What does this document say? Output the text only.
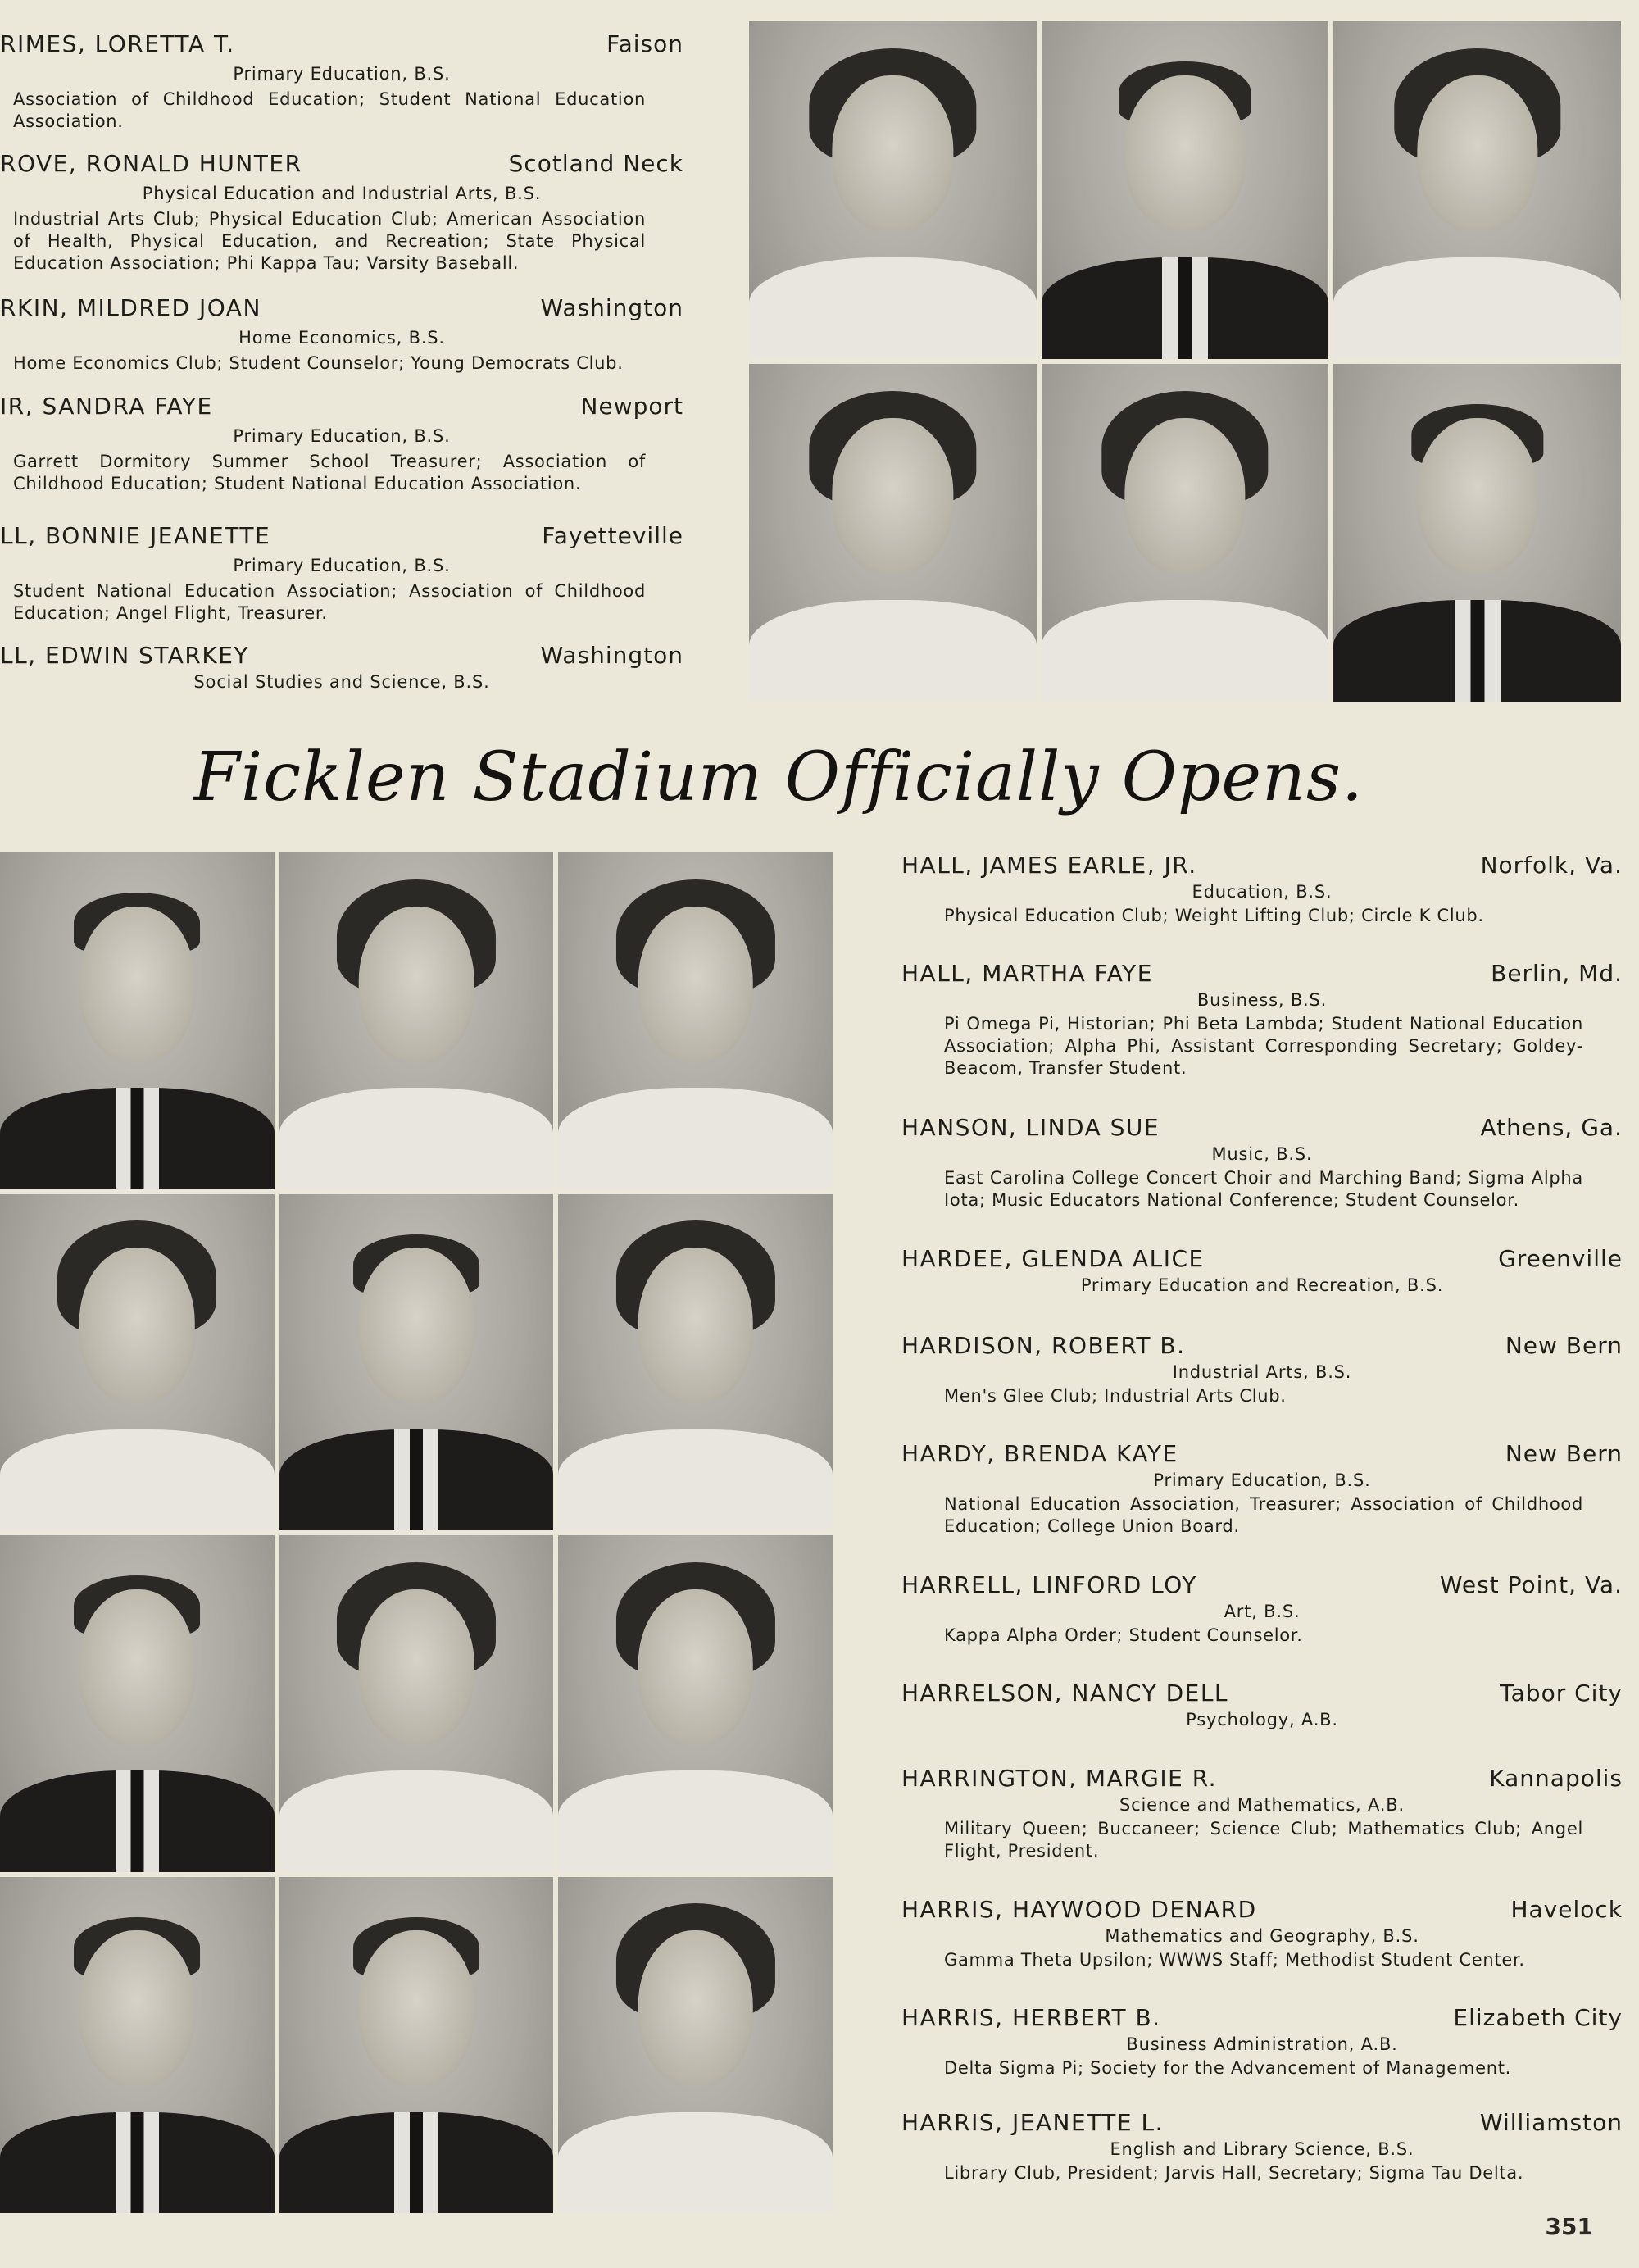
RIMES, LORETTA T.	Faison
Primary Education, B.S.
Association of Childhood Education; Student National Education Association.
ROVE, RONALD HUNTER	Scotland Neck
Physical Education and Industrial Arts, B.S.
Industrial Arts Club; Physical Education Club; American Association of Health, Physical Education, and Recreation; State Physical Education Association; Phi Kappa Tau; Varsity Baseball.
RKIN, MILDRED JOAN	Washington
Home Economics, B.S.
Home Economics Club; Student Counselor; Young Democrats Club.
IR, SANDRA FAYE	Newport
Primary Education, B.S.
Garrett Dormitory Summer School Treasurer; Association of Childhood Education; Student National Education Association.
LL, BONNIE JEANETTE	Fayetteville
Primary Education, B.S.
Student National Education Association; Association of Childhood Education; Angel Flight, Treasurer.
LL, EDWIN STARKEY	Washington
Social Studies and Science, B.S.
Ficklen Stadium Officially Opens.
HALL, JAMES EARLE, JR.	Norfolk, Va.
Education, B.S.
Physical Education Club; Weight Lifting Club; Circle K Club.
HALL, MARTHA FAYE	Berlin, Md.
Business, B.S.
Pi Omega Pi, Historian; Phi Beta Lambda; Student National Education Association; Alpha Phi, Assistant Corresponding Secretary; Goldey-Beacom, Transfer Student.
HANSON, LINDA SUE	Athens, Ga.
Music, B.S.
East Carolina College Concert Choir and Marching Band; Sigma Alpha Iota; Music Educators National Conference; Student Counselor.
HARDEE, GLENDA ALICE	Greenville
Primary Education and Recreation, B.S.
HARDISON, ROBERT B.	New Bern
Industrial Arts, B.S.
Men's Glee Club; Industrial Arts Club.
HARDY, BRENDA KAYE	New Bern
Primary Education, B.S.
National Education Association, Treasurer; Association of Childhood Education; College Union Board.
HARRELL, LINFORD LOY	West Point, Va.
Art, B.S.
Kappa Alpha Order; Student Counselor.
HARRELSON, NANCY DELL	Tabor City
Psychology, A.B.
HARRINGTON, MARGIE R.	Kannapolis
Science and Mathematics, A.B.
Military Queen; Buccaneer; Science Club; Mathematics Club; Angel Flight, President.
HARRIS, HAYWOOD DENARD	Havelock
Mathematics and Geography, B.S.
Gamma Theta Upsilon; WWWS Staff; Methodist Student Center.
HARRIS, HERBERT B.	Elizabeth City
Business Administration, A.B.
Delta Sigma Pi; Society for the Advancement of Management.
HARRIS, JEANETTE L.	Williamston
English and Library Science, B.S.
Library Club, President; Jarvis Hall, Secretary; Sigma Tau Delta.
351
